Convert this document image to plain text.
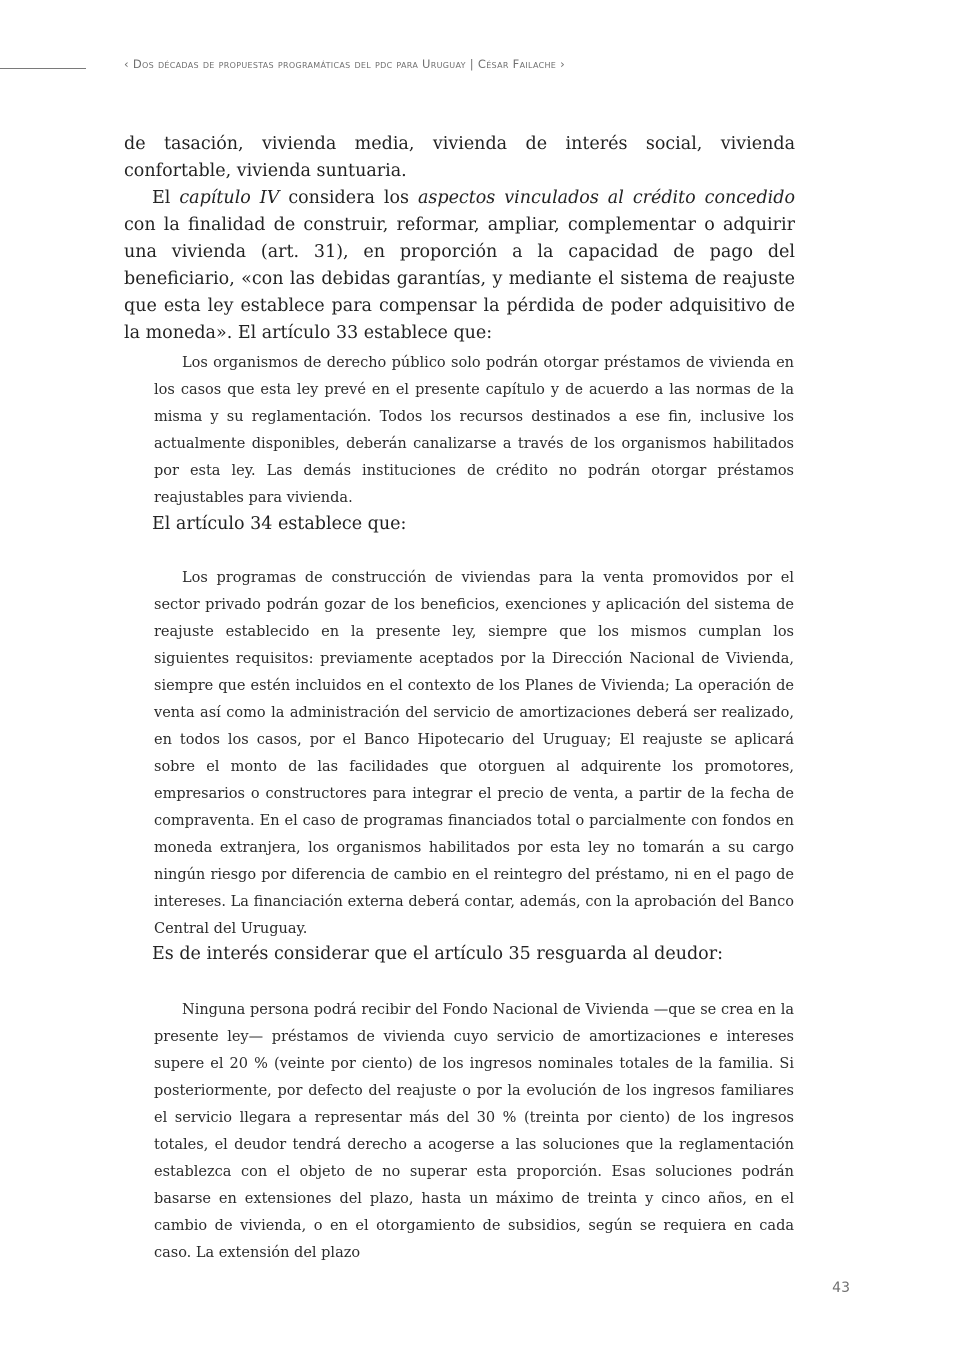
‹ Dos décadas de propuestas programáticas del pdc para Uruguay | César Failache ›

de tasación, vivienda media, vivienda de interés social, vivienda confortable, vivienda suntuaria.

El capítulo IV considera los aspectos vinculados al crédito concedido con la finalidad de construir, reformar, ampliar, complementar o adquirir una vivienda (art. 31), en proporción a la capacidad de pago del beneficiario, «con las debidas garantías, y mediante el sistema de reajuste que esta ley establece para compensar la pérdida de poder adquisitivo de la moneda». El artículo 33 establece que:

Los organismos de derecho público solo podrán otorgar préstamos de vivienda en los casos que esta ley prevé en el presente capítulo y de acuerdo a las normas de la misma y su reglamentación. Todos los recursos destinados a ese fin, inclusive los actualmente disponibles, deberán canalizarse a través de los organismos habilitados por esta ley. Las demás instituciones de crédito no podrán otorgar préstamos reajustables para vivienda.

El artículo 34 establece que:

Los programas de construcción de viviendas para la venta promovidos por el sector privado podrán gozar de los beneficios, exenciones y aplicación del sistema de reajuste establecido en la presente ley, siempre que los mismos cumplan los siguientes requisitos: previamente aceptados por la Dirección Nacional de Vivienda, siempre que estén incluidos en el contexto de los Planes de Vivienda; La operación de venta así como la administración del servicio de amortizaciones deberá ser realizado, en todos los casos, por el Banco Hipotecario del Uruguay; El reajuste se aplicará sobre el monto de las facilidades que otorguen al adquirente los promotores, empresarios o constructores para integrar el precio de venta, a partir de la fecha de compraventa. En el caso de programas financiados total o parcialmente con fondos en moneda extranjera, los organismos habilitados por esta ley no tomarán a su cargo ningún riesgo por diferencia de cambio en el reintegro del préstamo, ni en el pago de intereses. La financiación externa deberá contar, además, con la aprobación del Banco Central del Uruguay.

Es de interés considerar que el artículo 35 resguarda al deudor:

Ninguna persona podrá recibir del Fondo Nacional de Vivienda —que se crea en la presente ley— préstamos de vivienda cuyo servicio de amortizaciones e intereses supere el 20 % (veinte por ciento) de los ingresos nominales totales de la familia. Si posteriormente, por defecto del reajuste o por la evolución de los ingresos familiares el servicio llegara a representar más del 30 % (treinta por ciento) de los ingresos totales, el deudor tendrá derecho a acogerse a las soluciones que la reglamentación establezca con el objeto de no superar esta proporción. Esas soluciones podrán basarse en extensiones del plazo, hasta un máximo de treinta y cinco años, en el cambio de vivienda, o en el otorgamiento de subsidios, según se requiera en cada caso. La extensión del plazo

43
